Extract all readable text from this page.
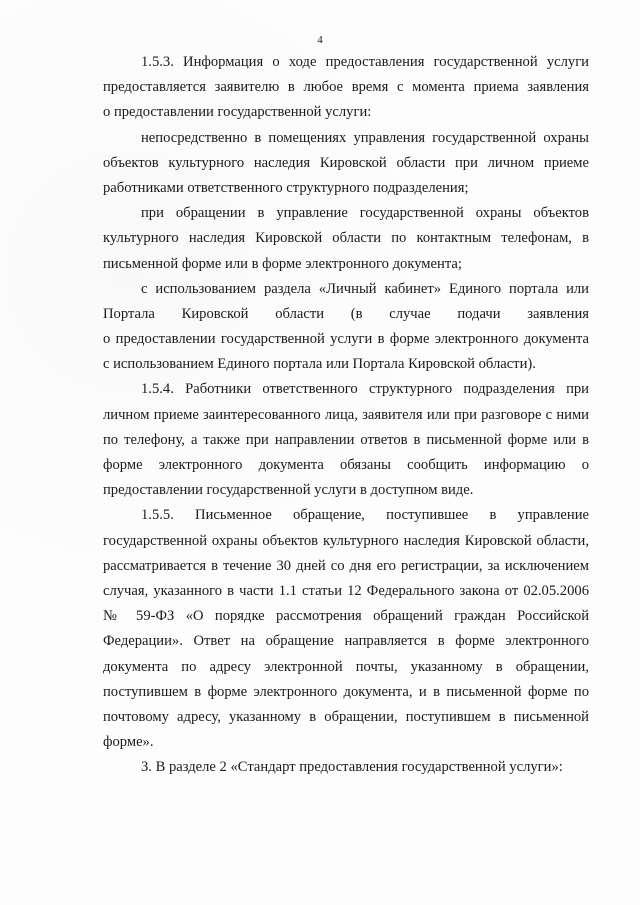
4
1.5.3. Информация о ходе предоставления государственной услуги
предоставляется заявителю в любое время с момента приема заявления
о предоставлении государственной услуги:
непосредственно в помещениях управления государственной охраны
объектов культурного наследия Кировской области при личном приеме
работниками ответственного структурного подразделения;
при обращении в управление государственной охраны объектов
культурного наследия Кировской области по контактным телефонам, в
письменной форме или в форме электронного документа;
с использованием раздела «Личный кабинет» Единого портала или
Портала Кировской области (в случае подачи заявления
о предоставлении государственной услуги в форме электронного документа
с использованием Единого портала или Портала Кировской области).
1.5.4. Работники ответственного структурного подразделения при
личном приеме заинтересованного лица, заявителя или при разговоре с ними
по телефону, а также при направлении ответов в письменной форме или в
форме электронного документа обязаны сообщить информацию о
предоставлении государственной услуги в доступном виде.
1.5.5. Письменное обращение, поступившее в управление
государственной охраны объектов культурного наследия Кировской области,
рассматривается в течение 30 дней со дня его регистрации, за исключением
случая, указанного в части 1.1 статьи 12 Федерального закона от 02.05.2006
№ 59-ФЗ «О порядке рассмотрения обращений граждан Российской
Федерации». Ответ на обращение направляется в форме электронного
документа по адресу электронной почты, указанному в обращении,
поступившем в форме электронного документа, и в письменной форме по
почтовому адресу, указанному в обращении, поступившем в письменной
форме».
3. В разделе 2 «Стандарт предоставления государственной услуги»:
